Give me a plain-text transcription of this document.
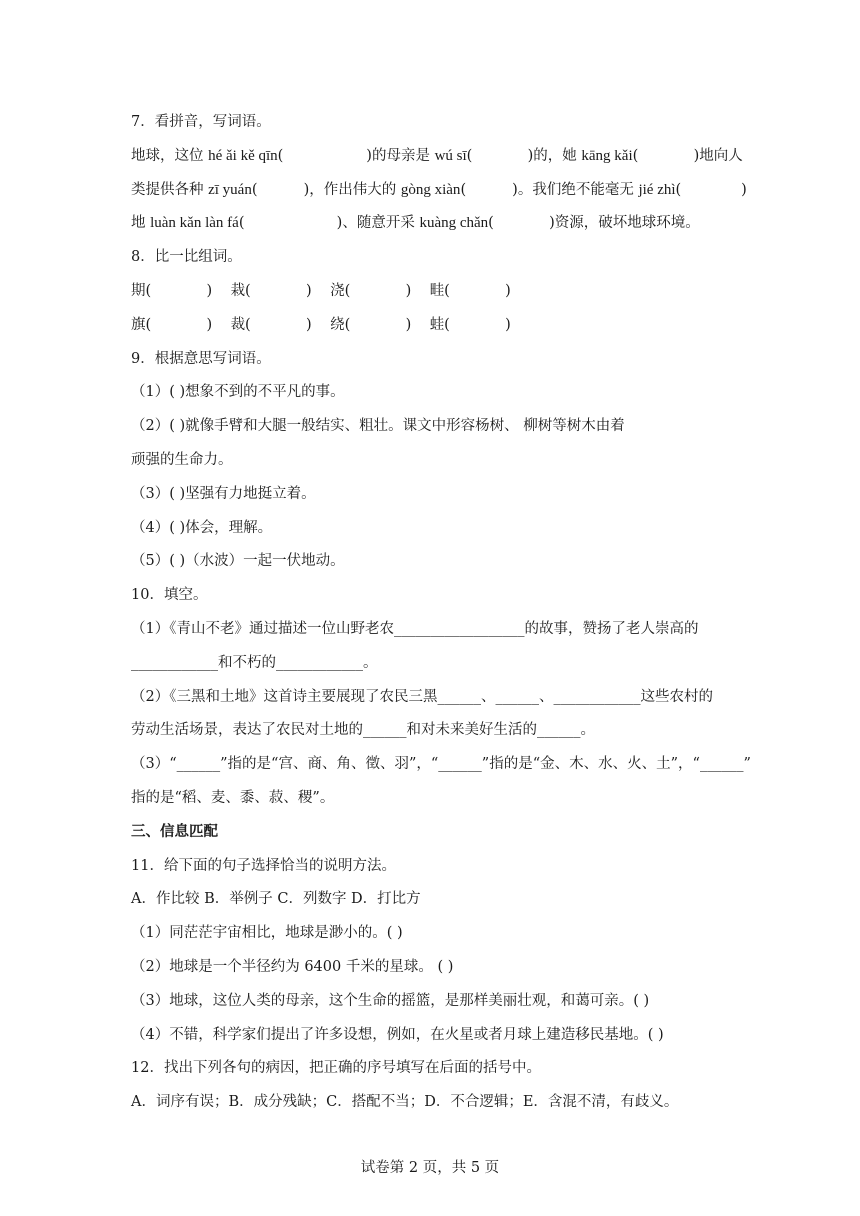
7．看拼音，写词语。
地球，这位 hé ǎi kě qīn(                  )的母亲是 wú sī(            )的，她 kāng kǎi(            )地向人
类提供各种 zī yuán(          )，作出伟大的 gòng xiàn(          )。我们绝不能毫无 jié zhì(             )
地 luàn kǎn làn fá(                    )、随意开采 kuàng chǎn(            )资源，破坏地球环境。
8．比一比组词。
期(            ) 栽(            ) 浇(            ) 畦(            )
旗(            ) 裁(            ) 绕(            ) 蛙(            )
9．根据意思写词语。
（1）( )想象不到的不平凡的事。
（2）( )就像手臂和大腿一般结实、粗壮。课文中形容杨树、 柳树等树木由着
顽强的生命力。
（3）( )坚强有力地挺立着。
（4）( )体会，理解。
（5）( )（水波）一起一伏地动。
10．填空。
（1）《青山不老》通过描述一位山野老农__________________的故事，赞扬了老人崇高的
____________和不朽的____________。
（2）《三黑和土地》这首诗主要展现了农民三黑______、______、____________这些农村的
劳动生活场景，表达了农民对土地的______和对未来美好生活的______。
（3）“______”指的是“宫、商、角、徵、羽”，“______”指的是“金、木、水、火、土”，“______”
指的是“稻、麦、黍、菽、稷”。
三、信息匹配
11．给下面的句子选择恰当的说明方法。
A．作比较 B．举例子 C．列数字 D．打比方
（1）同茫茫宇宙相比，地球是渺小的。( )
（2）地球是一个半径约为 6400 千米的星球。 ( )
（3）地球，这位人类的母亲，这个生命的摇篮，是那样美丽壮观，和蔼可亲。( )
（4）不错，科学家们提出了许多设想，例如，在火星或者月球上建造移民基地。( )
12．找出下列各句的病因，把正确的序号填写在后面的括号中。
A．词序有误；B．成分残缺；C．搭配不当；D．不合逻辑；E．含混不清，有歧义。
试卷第 2 页，共 5 页
